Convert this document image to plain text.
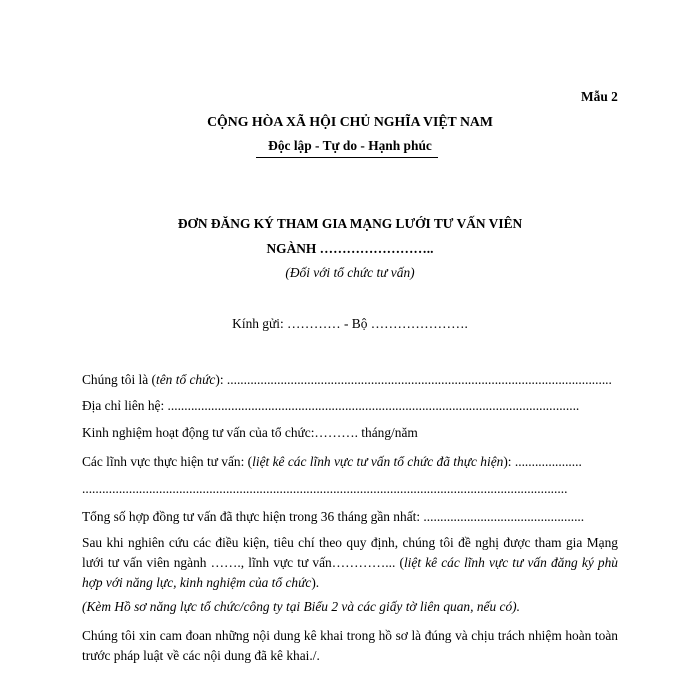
Mẫu 2
CỘNG HÒA XÃ HỘI CHỦ NGHĨA VIỆT NAM
Độc lập - Tự do - Hạnh phúc
ĐƠN ĐĂNG KÝ THAM GIA MẠNG LƯỚI TƯ VẤN VIÊN
NGÀNH ……………………..
(Đối với tổ chức tư vấn)
Kính gửi: ………… - Bộ ………………….
Chúng tôi là (tên tổ chức): ...................................................................................................................
Địa chỉ liên hệ: ...........................................................................................................................
Kinh nghiệm hoạt động tư vấn của tổ chức:………. tháng/năm
Các lĩnh vực thực hiện tư vấn: (liệt kê các lĩnh vực tư vấn tổ chức đã thực hiện): ....................
.................................................................................................................................................
Tổng số hợp đồng tư vấn đã thực hiện trong 36 tháng gần nhất: ................................................
Sau khi nghiên cứu các điều kiện, tiêu chí theo quy định, chúng tôi đề nghị được tham gia Mạng lưới tư vấn viên ngành ……., lĩnh vực tư vấn…………... (liệt kê các lĩnh vực tư vấn đăng ký phù hợp với năng lực, kinh nghiệm của tổ chức).
(Kèm Hồ sơ năng lực tổ chức/công ty tại Biểu 2 và các giấy tờ liên quan, nếu có).
Chúng tôi xin cam đoan những nội dung kê khai trong hồ sơ là đúng và chịu trách nhiệm hoàn toàn trước pháp luật về các nội dung đã kê khai./.
